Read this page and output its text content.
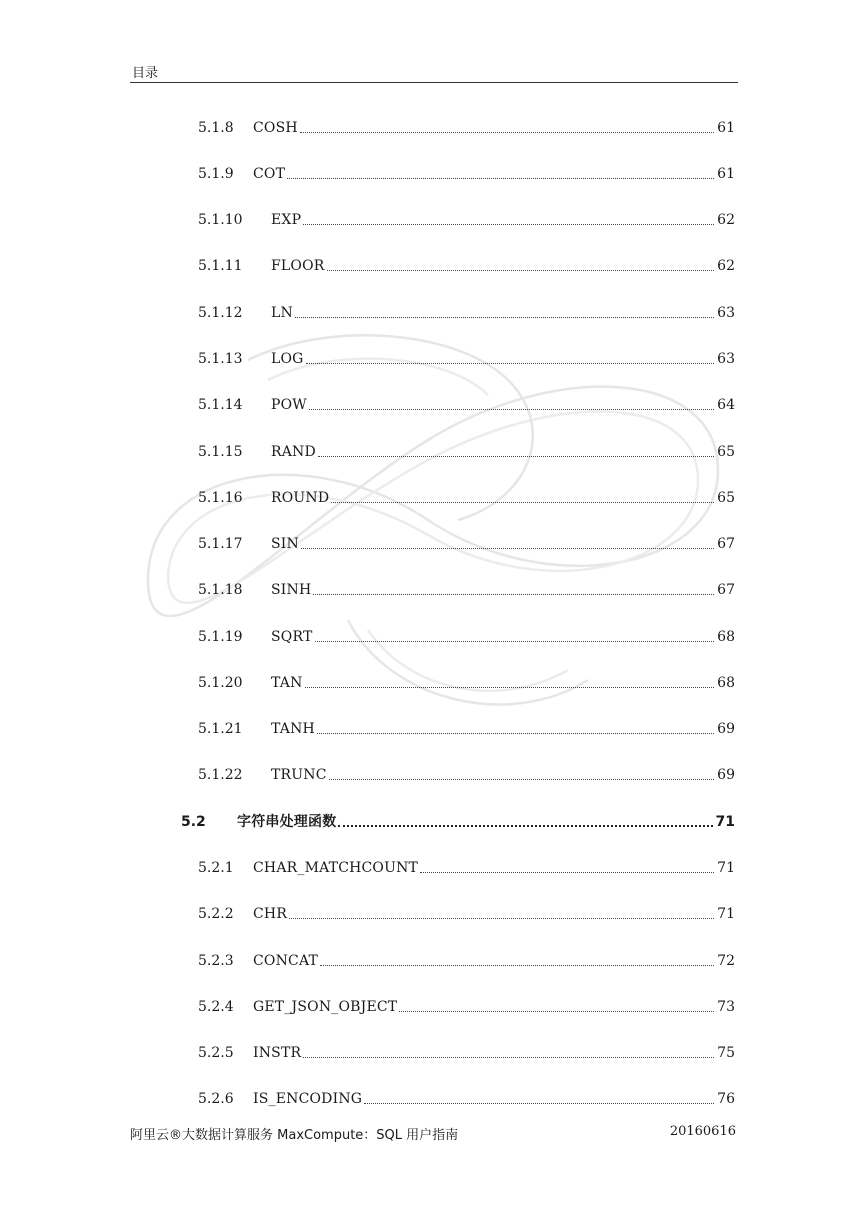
目录
5.1.8 COSH	61
5.1.9 COT	61
5.1.10 EXP	62
5.1.11 FLOOR	62
5.1.12 LN	63
5.1.13 LOG	63
5.1.14 POW	64
5.1.15 RAND	65
5.1.16 ROUND	65
5.1.17 SIN	67
5.1.18 SINH	67
5.1.19 SQRT	68
5.1.20 TAN	68
5.1.21 TANH	69
5.1.22 TRUNC	69
5.2 字符串处理函数	71
5.2.1 CHAR_MATCHCOUNT	71
5.2.2 CHR	71
5.2.3 CONCAT	72
5.2.4 GET_JSON_OBJECT	73
5.2.5 INSTR	75
5.2.6 IS_ENCODING	76
阿里云®大数据计算服务 MaxCompute：SQL 用户指南	20160616
